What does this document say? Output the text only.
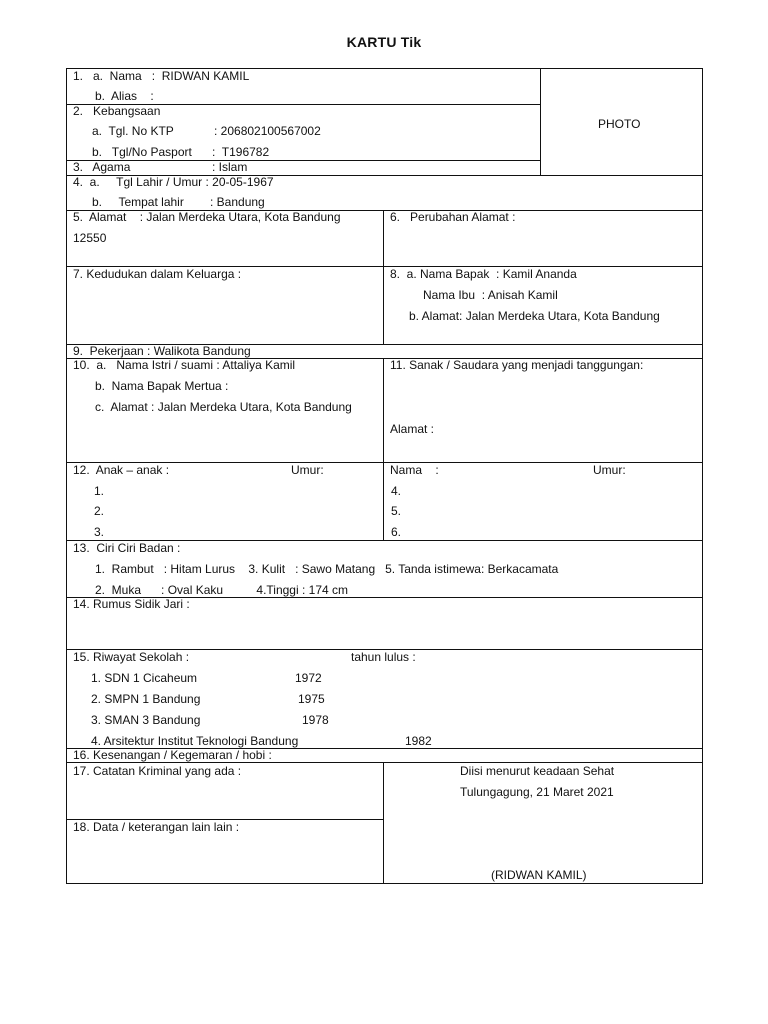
KARTU Tik
PHOTO
1.   a.  Nama   :  RIDWAN KAMIL
b.  Alias    :
2.   Kebangsaan
a.  Tgl. No KTP	: 206802100567002
b.   Tgl/No Pasport :  T196782
3.   Agama	: Islam
4.  a.     Tgl Lahir / Umur : 20-05-1967
b.     Tempat lahir : Bandung
5.  Alamat    : Jalan Merdeka Utara, Kota Bandung
12550
6.   Perubahan Alamat :
7. Kedudukan dalam Keluarga :	8.  a. Nama Bapak  : Kamil Ananda
Nama Ibu  : Anisah Kamil
b. Alamat: Jalan Merdeka Utara, Kota Bandung
9.  Pekerjaan : Walikota Bandung
10.  a.   Nama Istri / suami : Attaliya Kamil
b.  Nama Bapak Mertua :
c.  Alamat : Jalan Merdeka Utara, Kota Bandung
11. Sanak / Saudara yang menjadi tanggungan:
Alamat :
12.  Anak – anak :	Umur:	Nama    :	Umur:
1.
2.
3.
4.
5.
6.
13.  Ciri Ciri Badan :
1.  Rambut   : Hitam Lurus    3. Kulit   : Sawo Matang   5. Tanda istimewa: Berkacamata
2.  Muka      : Oval Kaku          4.Tinggi : 174 cm
14. Rumus Sidik Jari :
15. Riwayat Sekolah :	tahun lulus :
1. SDN 1 Cicaheum	1972
2. SMPN 1 Bandung	1975
3. SMAN 3 Bandung	1978
4. Arsitektur Institut Teknologi Bandung	1982
16. Kesenangan / Kegemaran / hobi :
17. Catatan Kriminal yang ada :
18. Data / keterangan lain lain :
Diisi menurut keadaan Sehat
Tulungagung, 21 Maret 2021
(RIDWAN KAMIL)
